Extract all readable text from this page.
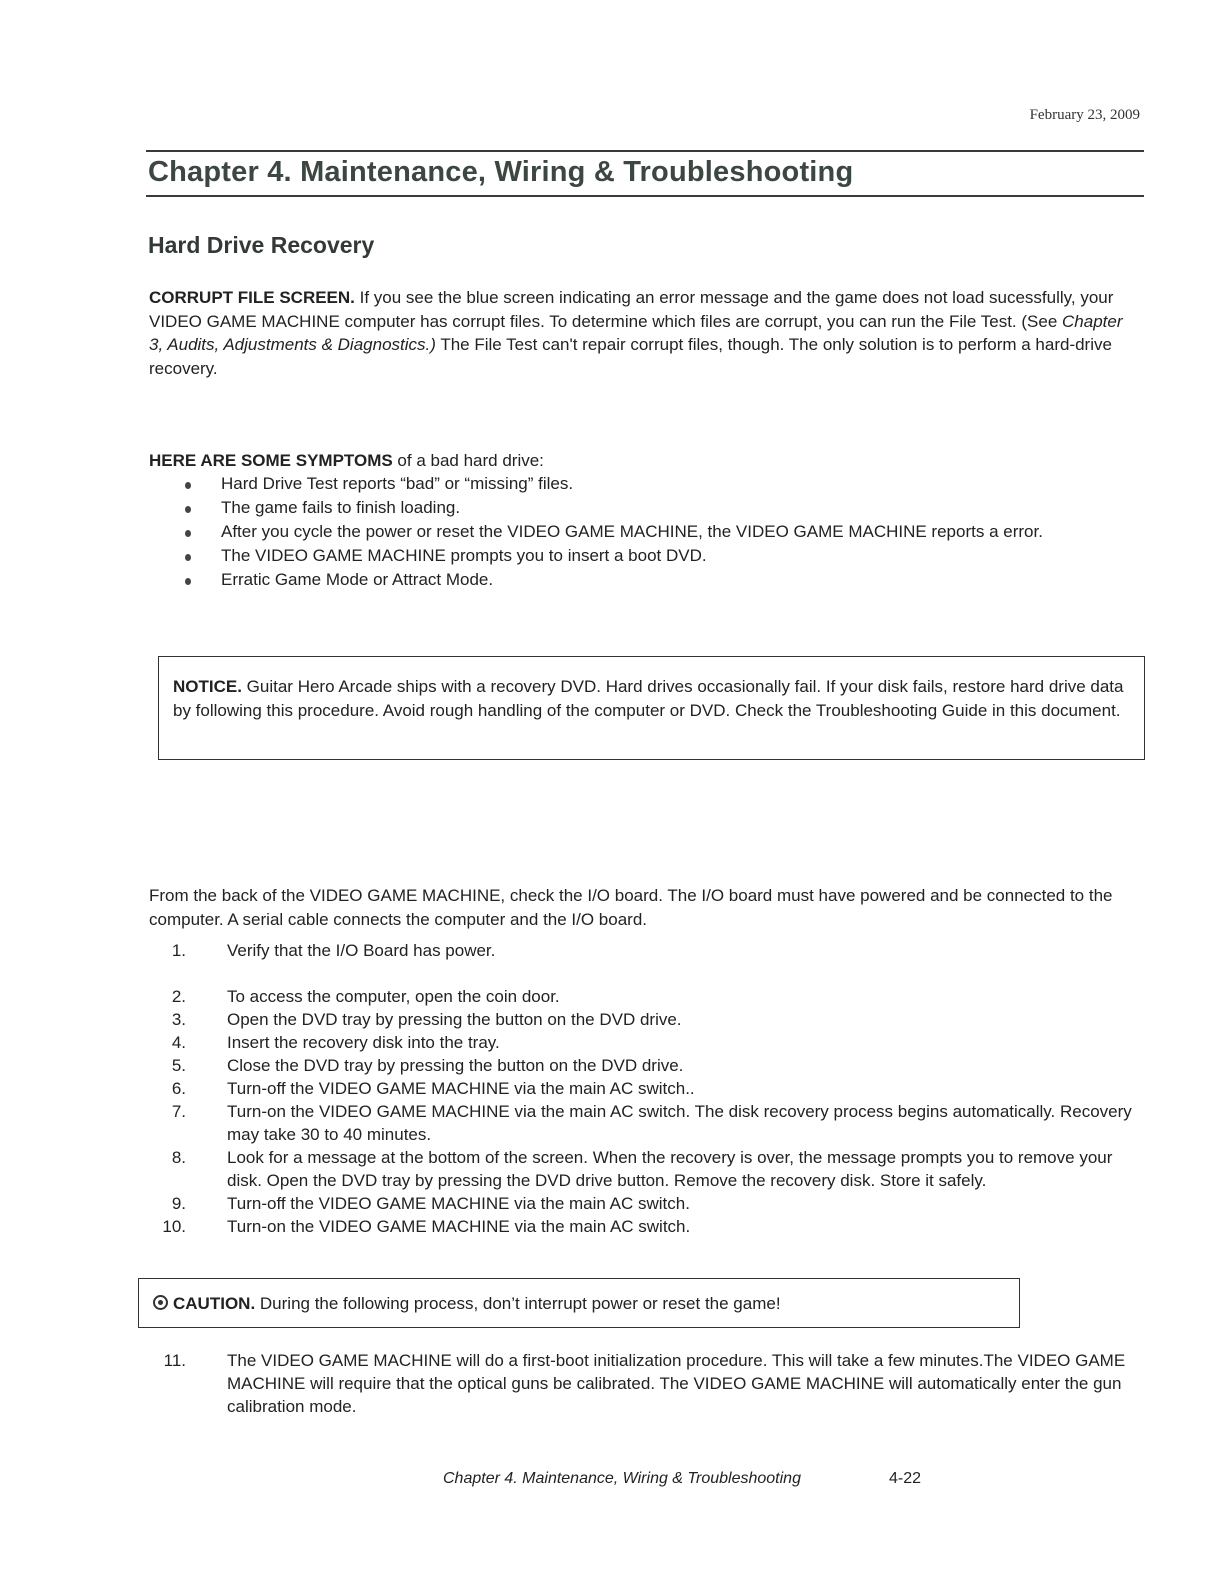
February 23, 2009
Chapter 4. Maintenance, Wiring & Troubleshooting
Hard Drive Recovery
CORRUPT FILE SCREEN. If you see the blue screen indicating an error message and the game does not load sucessfully, your VIDEO GAME MACHINE computer has corrupt files. To determine which files are corrupt, you can run the File Test. (See Chapter 3, Audits, Adjustments & Diagnostics.) The File Test can't repair corrupt files, though. The only solution is to perform a hard-drive recovery.
HERE ARE SOME SYMPTOMS of a bad hard drive:
Hard Drive Test reports “bad” or “missing” files.
The game fails to finish loading.
After you cycle the power or reset the VIDEO GAME MACHINE, the VIDEO GAME MACHINE reports a error.
The VIDEO GAME MACHINE prompts you to insert a boot DVD.
Erratic Game Mode or Attract Mode.
NOTICE. Guitar Hero Arcade ships with a recovery DVD. Hard drives occasionally fail. If your disk fails, restore hard drive data by following this procedure. Avoid rough handling of the computer or DVD. Check the Troubleshooting Guide in this document.
From the back of the VIDEO GAME MACHINE, check the I/O board. The I/O board must have powered and be connected to the computer. A serial cable connects the computer and the I/O board.
1. Verify that the I/O Board has power.
2. To access the computer, open the coin door.
3. Open the DVD tray by pressing the button on the DVD drive.
4. Insert the recovery disk into the tray.
5. Close the DVD tray by pressing the button on the DVD drive.
6. Turn-off the VIDEO GAME MACHINE via the main AC switch..
7. Turn-on the VIDEO GAME MACHINE via the main AC switch. The disk recovery process begins automatically. Recovery may take 30 to 40 minutes.
8. Look for a message at the bottom of the screen. When the recovery is over, the message prompts you to remove your disk. Open the DVD tray by pressing the DVD drive button. Remove the recovery disk. Store it safely.
9. Turn-off the VIDEO GAME MACHINE via the main AC switch.
10. Turn-on the VIDEO GAME MACHINE via the main AC switch.
CAUTION. During the following process, don’t interrupt power or reset the game!
11. The VIDEO GAME MACHINE will do a first-boot initialization procedure. This will take a few minutes.The VIDEO GAME MACHINE will require that the optical guns be calibrated. The VIDEO GAME MACHINE will automatically enter the gun calibration mode.
Chapter 4. Maintenance, Wiring & Troubleshooting	4-22
